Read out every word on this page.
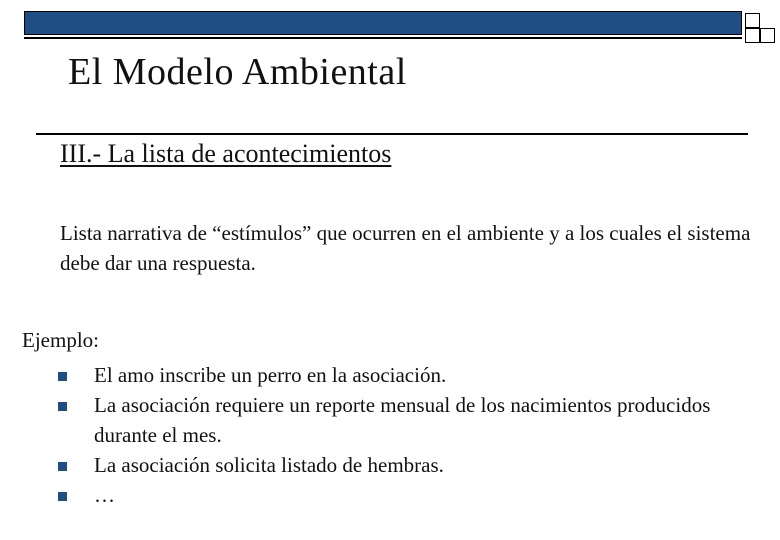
El Modelo Ambiental
III.- La lista de acontecimientos
Lista narrativa de “estímulos” que ocurren en el ambiente y a los cuales el sistema debe dar una respuesta.
Ejemplo:
El amo inscribe un perro en la asociación.
La asociación requiere un reporte mensual de los nacimientos producidos durante el mes.
La asociación solicita listado de hembras.
…
